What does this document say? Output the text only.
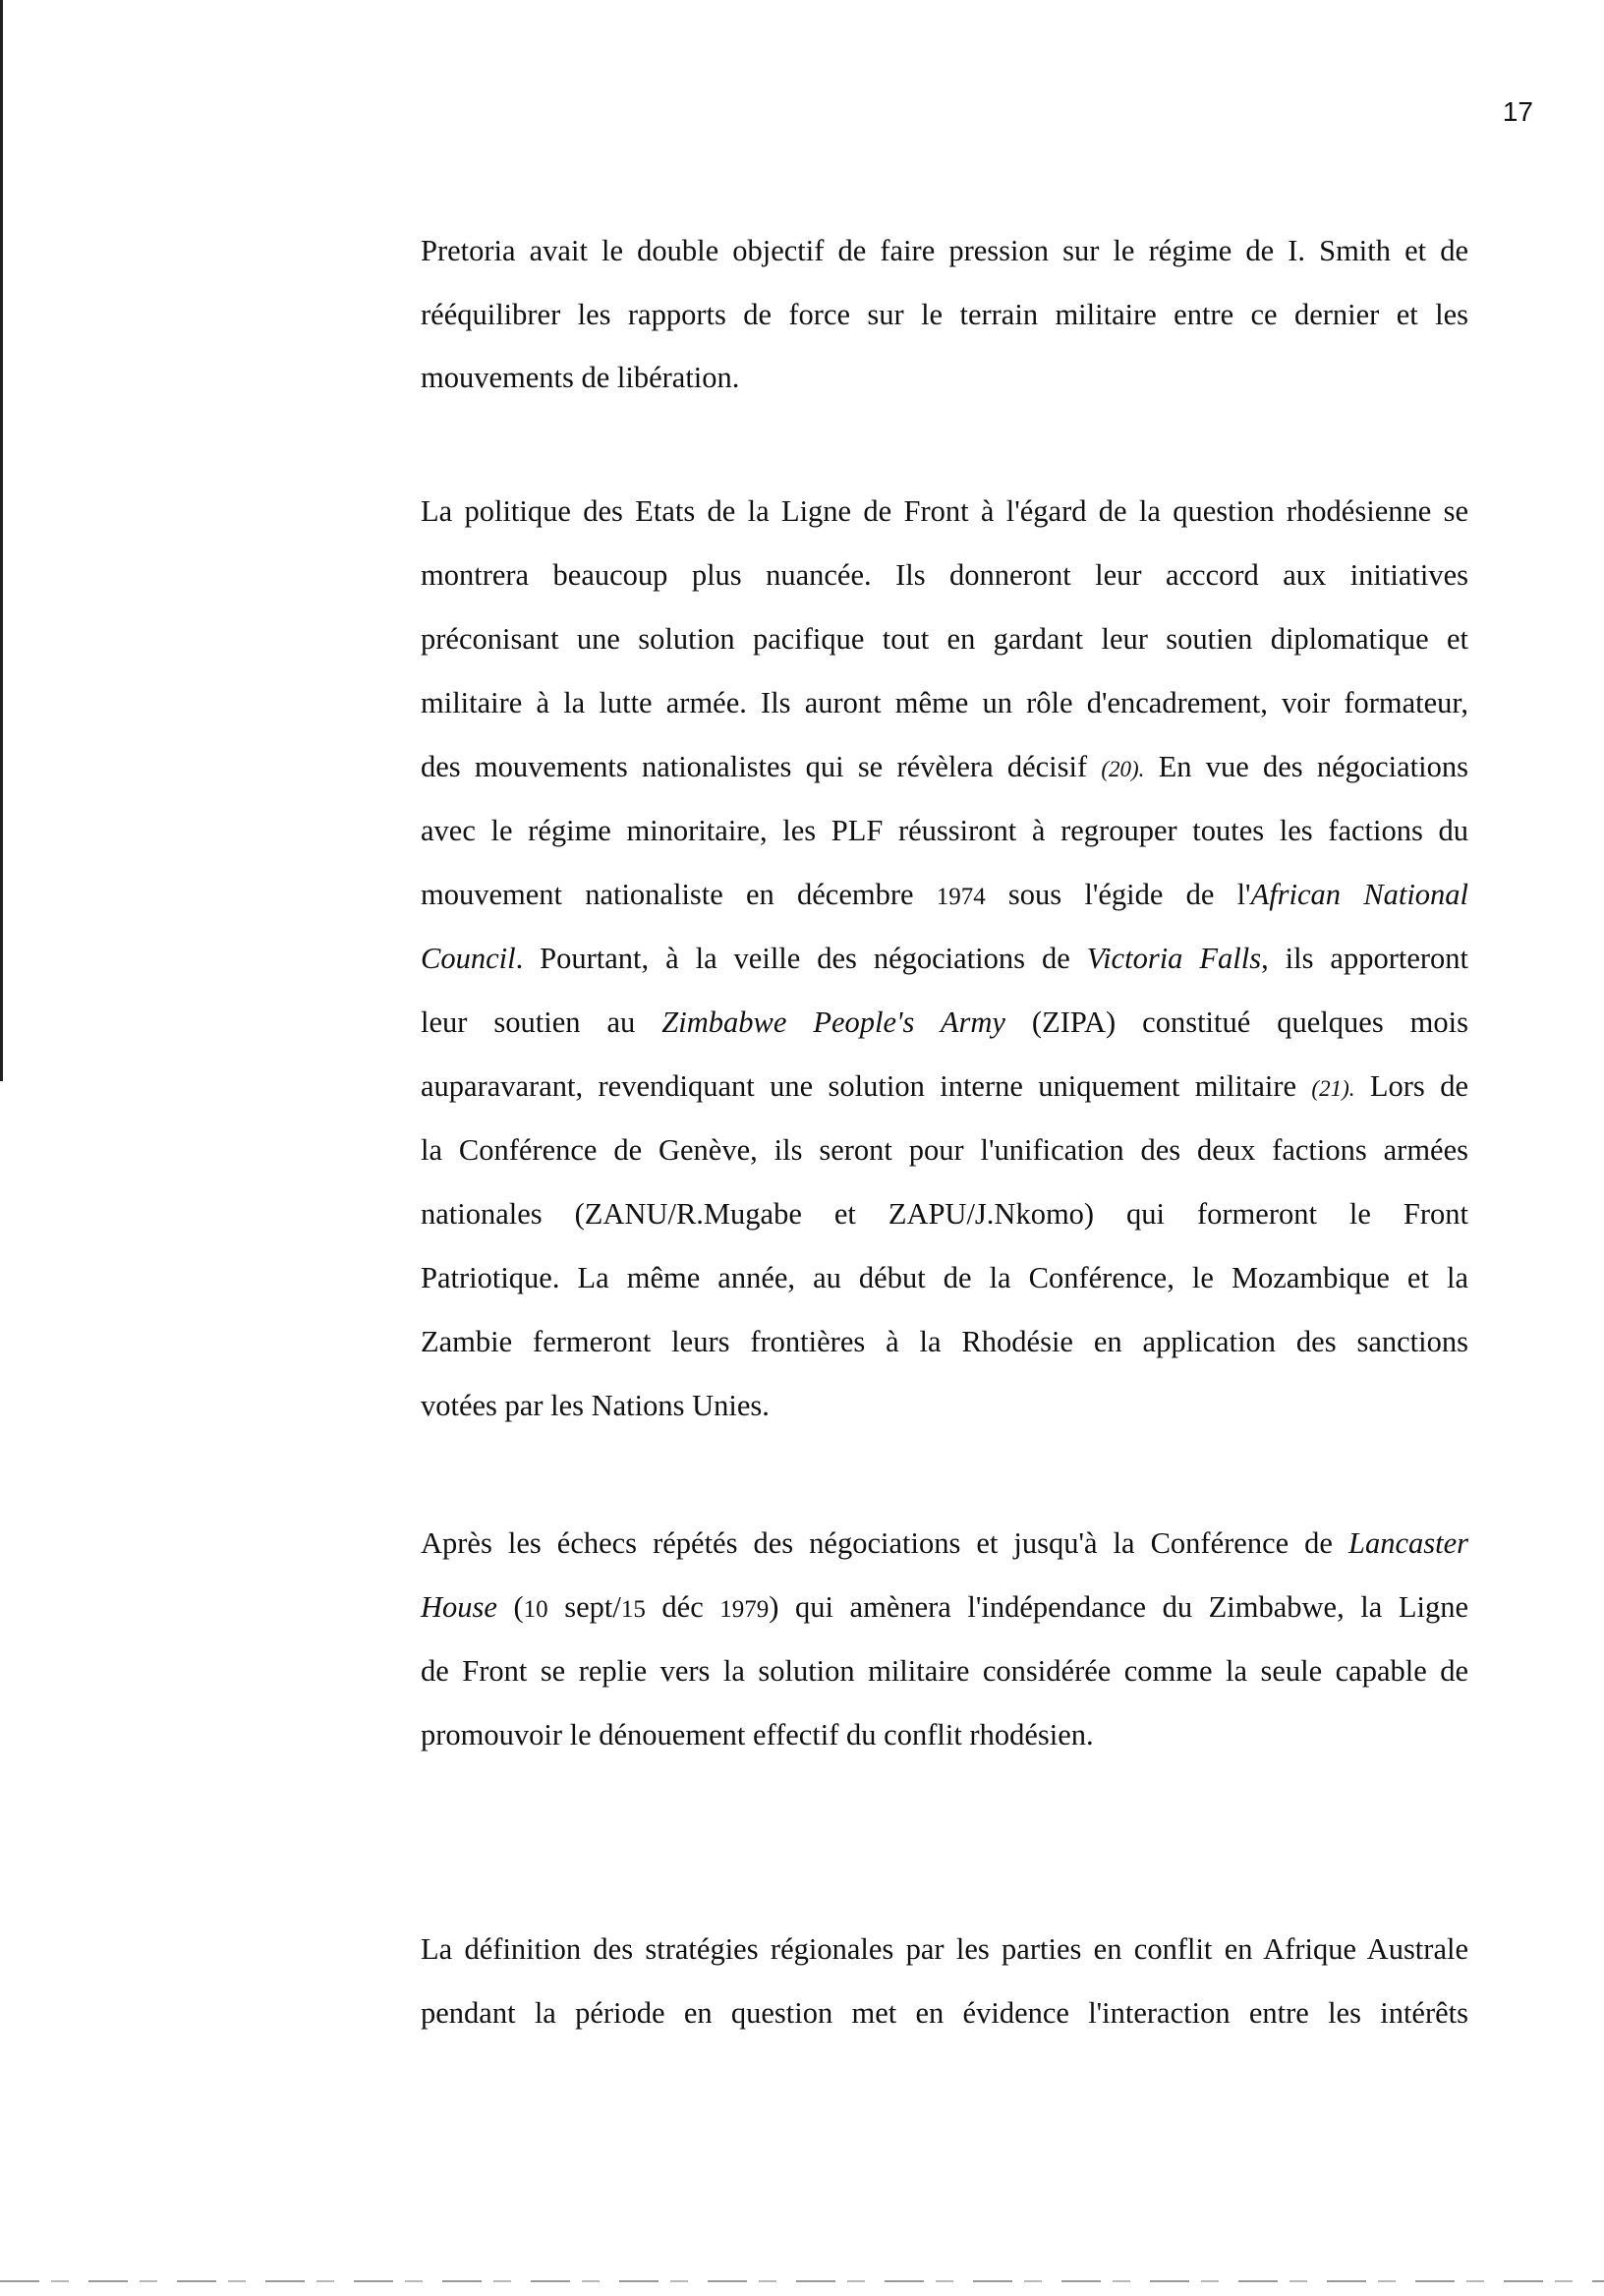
17
Pretoria avait le double objectif de faire pression sur le régime de I. Smith et de
rééquilibrer les rapports de force sur le terrain militaire entre ce dernier et les
mouvements de libération.
La politique des Etats de la Ligne de Front à l'égard de la question rhodésienne se
montrera beaucoup plus nuancée. Ils donneront leur acccord aux initiatives
préconisant une solution pacifique tout en gardant leur soutien diplomatique et
militaire à la lutte armée. Ils auront même un rôle d'encadrement, voir formateur,
des mouvements nationalistes qui se révèlera décisif (20). En vue des négociations
avec le régime minoritaire, les PLF réussiront à regrouper toutes les factions du
mouvement nationaliste en décembre 1974 sous l'égide de l'African National
Council. Pourtant, à la veille des négociations de Victoria Falls, ils apporteront
leur soutien au Zimbabwe People's Army (ZIPA) constitué quelques mois
auparavarant, revendiquant une solution interne uniquement militaire (21). Lors de
la Conférence de Genève, ils seront pour l'unification des deux factions armées
nationales (ZANU/R.Mugabe et ZAPU/J.Nkomo) qui formeront le Front
Patriotique. La même année, au début de la Conférence, le Mozambique et la
Zambie fermeront leurs frontières à la Rhodésie en application des sanctions
votées par les Nations Unies.
Après les échecs répétés des négociations et jusqu'à la Conférence de Lancaster
House (10 sept/15 déc 1979) qui amènera l'indépendance du Zimbabwe, la Ligne
de Front se replie vers la solution militaire considérée comme la seule capable de
promouvoir le dénouement effectif du conflit rhodésien.
La définition des stratégies régionales par les parties en conflit en Afrique Australe
pendant la période en question met en évidence l'interaction entre les intérêts
